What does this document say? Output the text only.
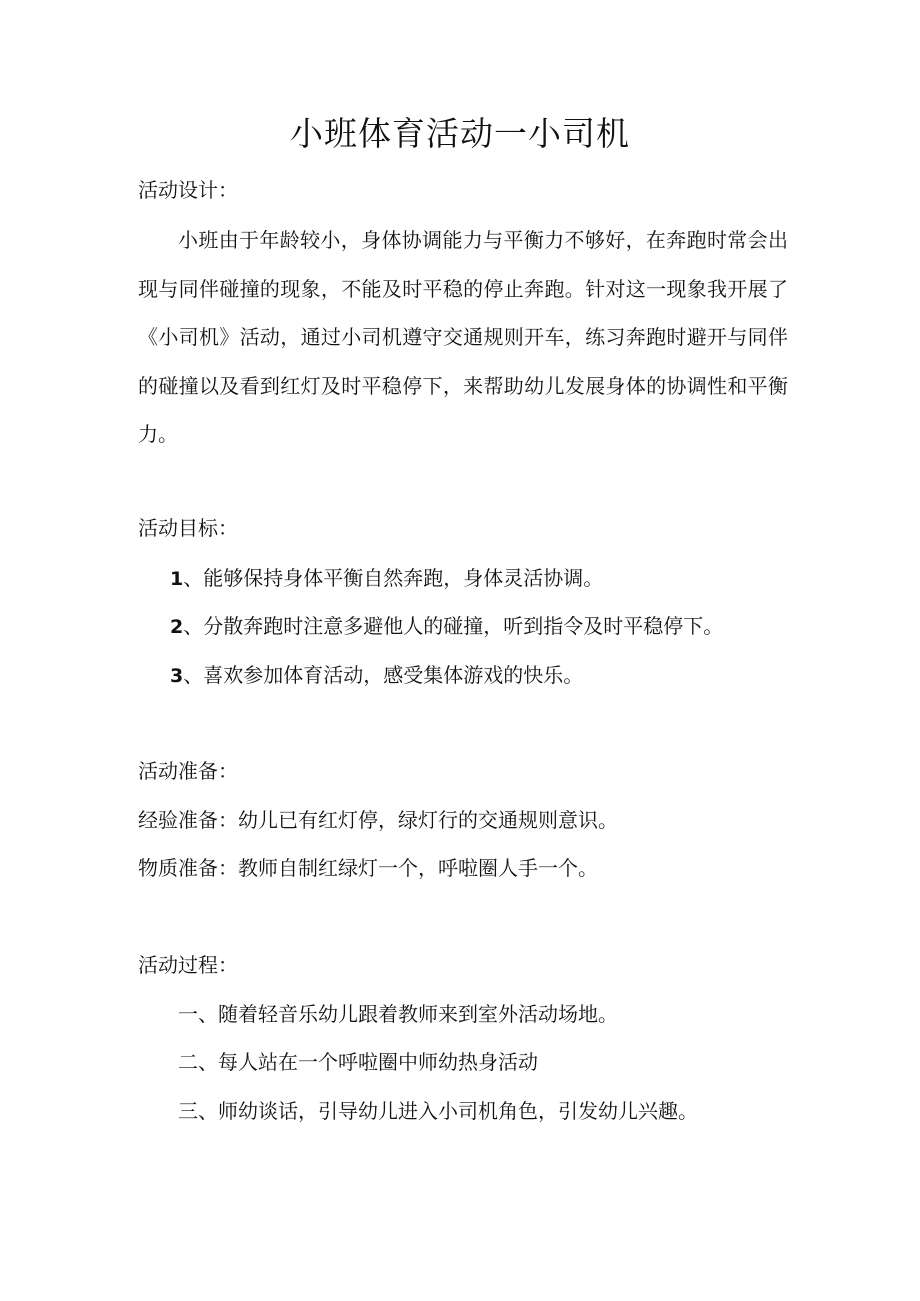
小班体育活动一小司机
活动设计：
小班由于年龄较小，身体协调能力与平衡力不够好，在奔跑时常会出现与同伴碰撞的现象，不能及时平稳的停止奔跑。针对这一现象我开展了《小司机》活动，通过小司机遵守交通规则开车，练习奔跑时避开与同伴的碰撞以及看到红灯及时平稳停下，来帮助幼儿发展身体的协调性和平衡力。
活动目标：
1、能够保持身体平衡自然奔跑，身体灵活协调。
2、分散奔跑时注意多避他人的碰撞，听到指令及时平稳停下。
3、喜欢参加体育活动，感受集体游戏的快乐。
活动准备：
经验准备：幼儿已有红灯停，绿灯行的交通规则意识。
物质准备：教师自制红绿灯一个，呼啦圈人手一个。
活动过程：
一、随着轻音乐幼儿跟着教师来到室外活动场地。
二、每人站在一个呼啦圈中师幼热身活动
三、师幼谈话，引导幼儿进入小司机角色，引发幼儿兴趣。
